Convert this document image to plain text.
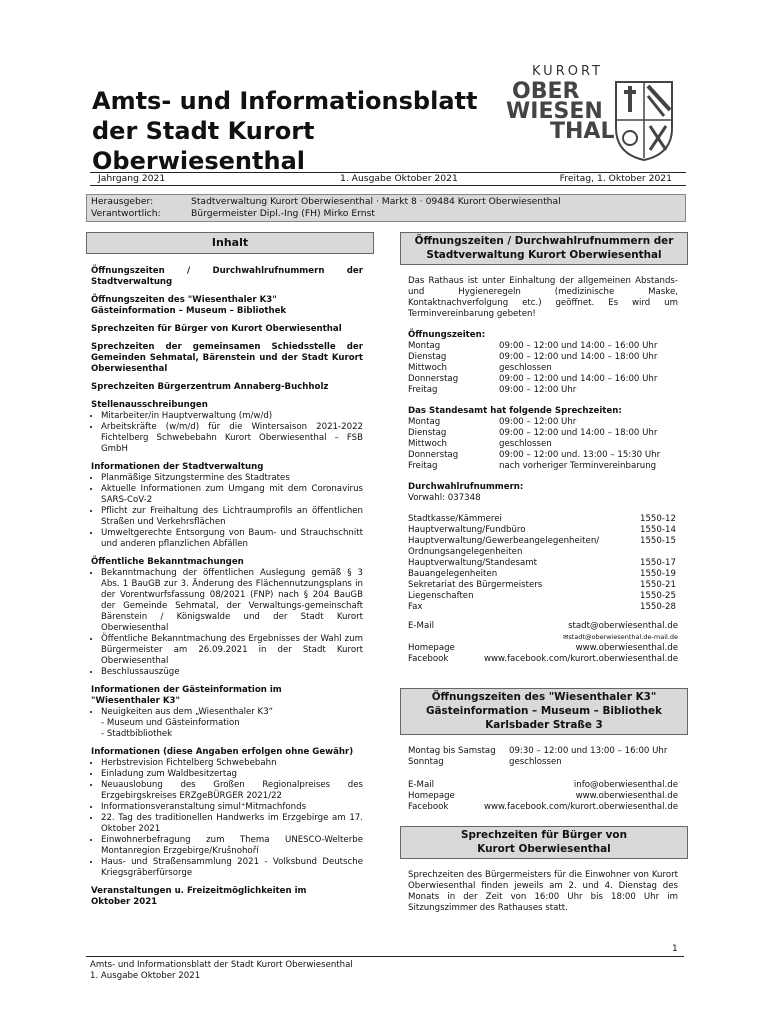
Amts- und Informationsblatt
der Stadt Kurort Oberwiesenthal
KURORT
OBER
WIESEN
THAL
Jahrgang 2021	1. Ausgabe Oktober 2021	Freitag, 1. Oktober 2021
Herausgeber:	Stadtverwaltung Kurort Oberwiesenthal · Markt 8 · 09484 Kurort Oberwiesenthal
Verantwortlich:	Bürgermeister Dipl.-Ing (FH) Mirko Ernst
Inhalt
Öffnungszeiten / Durchwahlrufnummern der Stadtverwaltung
Öffnungszeiten des "Wiesenthaler K3"
Gästeinformation – Museum – Bibliothek
Sprechzeiten für Bürger von Kurort Oberwiesenthal
Sprechzeiten der gemeinsamen Schiedsstelle der Gemeinden Sehmatal, Bärenstein und der Stadt Kurort Oberwiesenthal
Sprechzeiten Bürgerzentrum Annaberg-Buchholz
Stellenausschreibungen
• Mitarbeiter/in Hauptverwaltung (m/w/d)
• Arbeitskräfte (w/m/d) für die Wintersaison 2021-2022 Fichtelberg Schwebebahn Kurort Oberwiesenthal – FSB GmbH
Informationen der Stadtverwaltung
• Planmäßige Sitzungstermine des Stadtrates
• Aktuelle Informationen zum Umgang mit dem Coronavirus SARS-CoV-2
• Pflicht zur Freihaltung des Lichtraumprofils an öffentlichen Straßen und Verkehrsflächen
• Umweltgerechte Entsorgung von Baum- und Strauchschnitt und anderen pflanzlichen Abfällen
Öffentliche Bekanntmachungen
• Bekanntmachung der öffentlichen Auslegung gemäß § 3 Abs. 1 BauGB zur 3. Änderung des Flächennutzungsplans in der Vorentwurfsfassung 08/2021 (FNP) nach § 204 BauGB der Gemeinde Sehmatal, der Verwaltungs-gemeinschaft Bärenstein / Königswalde und der Stadt Kurort Oberwiesenthal
• Öffentliche Bekanntmachung des Ergebnisses der Wahl zum Bürgermeister am 26.09.2021 in der Stadt Kurort Oberwiesenthal
• Beschlussauszüge
Informationen der Gästeinformation im
"Wiesenthaler K3"
• Neuigkeiten aus dem „Wiesenthaler K3“
- Museum und Gästeinformation
- Stadtbibliothek
Informationen (diese Angaben erfolgen ohne Gewähr)
• Herbstrevision Fichtelberg Schwebebahn
• Einladung zum Waldbesitzertag
• Neuauslobung des Großen Regionalpreises des Erzgebirgskreises ERZgeBÜRGER 2021/22
• Informationsveranstaltung simul⁺Mitmachfonds
• 22. Tag des traditionellen Handwerks im Erzgebirge am 17. Oktober 2021
• Einwohnerbefragung zum Thema UNESCO-Welterbe Montanregion Erzgebirge/Krušnohoří
• Haus- und Straßensammlung 2021 - Volksbund Deutsche Kriegsgräberfürsorge
Veranstaltungen u. Freizeitmöglichkeiten im
Oktober 2021
Öffnungszeiten / Durchwahlrufnummern der
Stadtverwaltung Kurort Oberwiesenthal
Das Rathaus ist unter Einhaltung der allgemeinen Abstands- und Hygieneregeln (medizinische Maske, Kontaktnachverfolgung etc.) geöffnet. Es wird um Terminvereinbarung gebeten!
Öffnungszeiten:
Montag	09:00 – 12:00 und 14:00 – 16:00 Uhr
Dienstag	09:00 – 12:00 und 14:00 – 18:00 Uhr
Mittwoch	geschlossen
Donnerstag	09:00 – 12:00 und 14:00 – 16:00 Uhr
Freitag	09:00 – 12:00 Uhr
Das Standesamt hat folgende Sprechzeiten:
Montag	09:00 – 12:00 Uhr
Dienstag	09:00 – 12:00 und 14:00 – 18:00 Uhr
Mittwoch	geschlossen
Donnerstag	09:00 – 12:00 und. 13:00 – 15:30 Uhr
Freitag	nach vorheriger Terminvereinbarung
Durchwahlrufnummern:
Vorwahl: 037348
Stadtkasse/Kämmerei	1550-12
Hauptverwaltung/Fundbüro	1550-14
Hauptverwaltung/Gewerbeangelegenheiten/	1550-15
Ordnungsangelegenheiten	
Hauptverwaltung/Standesamt	1550-17
Bauangelegenheiten	1550-19
Sekretariat des Bürgermeisters	1550-21
Liegenschaften	1550-25
Fax	1550-28
E-Mail	stadt@oberwiesenthal.de
✉stadt@oberwiesenthal.de-mail.de
Homepage	www.oberwiesenthal.de
Facebook	www.facebook.com/kurort.oberwiesenthal.de
Öffnungszeiten des "Wiesenthaler K3"
Gästeinformation – Museum – Bibliothek
Karlsbader Straße 3
Montag bis Samstag	09:30 – 12:00 und 13:00 – 16:00 Uhr
Sonntag	geschlossen
E-Mail	info@oberwiesenthal.de
Homepage	www.oberwiesenthal.de
Facebook	www.facebook.com/kurort.oberwiesenthal.de
Sprechzeiten für Bürger von
Kurort Oberwiesenthal
Sprechzeiten des Bürgermeisters für die Einwohner von Kurort Oberwiesenthal finden jeweils am 2. und 4. Dienstag des Monats in der Zeit von 16:00 Uhr bis 18:00 Uhr im Sitzungszimmer des Rathauses statt.
1
Amts- und Informationsblatt der Stadt Kurort Oberwiesenthal
1. Ausgabe Oktober 2021
